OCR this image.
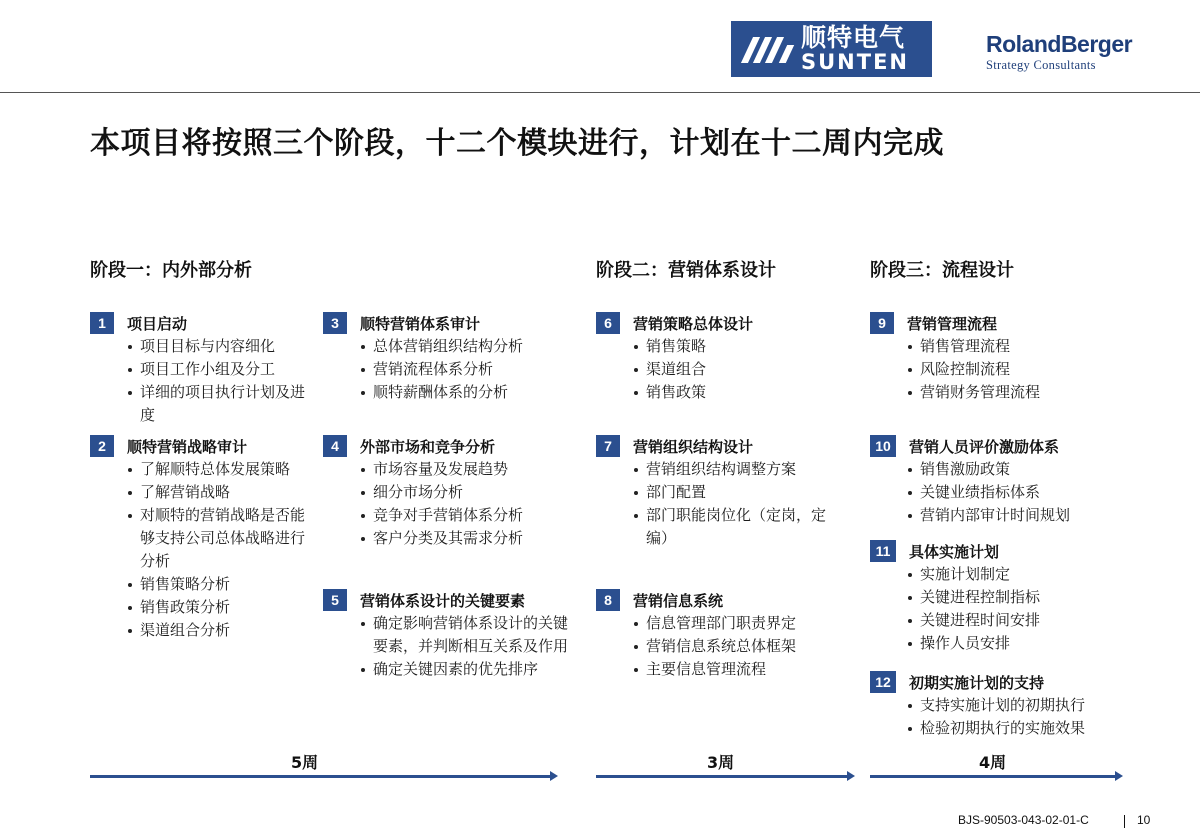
顺特电气
SUNTEN
RolandBerger
Strategy Consultants
本项目将按照三个阶段，十二个模块进行，计划在十二周内完成
阶段一：内外部分析	阶段二：营销体系设计	阶段三：流程设计
1	项目启动
项目目标与内容细化
项目工作小组及分工
详细的项目执行计划及进度
2	顺特营销战略审计
了解顺特总体发展策略
了解营销战略
对顺特的营销战略是否能够支持公司总体战略进行分析
销售策略分析
销售政策分析
渠道组合分析
3	顺特营销体系审计
总体营销组织结构分析
营销流程体系分析
顺特薪酬体系的分析
4	外部市场和竞争分析
市场容量及发展趋势
细分市场分析
竞争对手营销体系分析
客户分类及其需求分析
5	营销体系设计的关键要素
确定影响营销体系设计的关键要素，并判断相互关系及作用
确定关键因素的优先排序
6	营销策略总体设计
销售策略
渠道组合
销售政策
7	营销组织结构设计
营销组织结构调整方案
部门配置
部门职能岗位化（定岗，定编）
8	营销信息系统
信息管理部门职责界定
营销信息系统总体框架
主要信息管理流程
9	营销管理流程
销售管理流程
风险控制流程
营销财务管理流程
10	营销人员评价激励体系
销售激励政策
关键业绩指标体系
营销内部审计时间规划
11	具体实施计划
实施计划制定
关键进程控制指标
关键进程时间安排
操作人员安排
12	初期实施计划的支持
支持实施计划的初期执行
检验初期执行的实施效果
5周	3周	4周
BJS-90503-043-02-01-C	10
